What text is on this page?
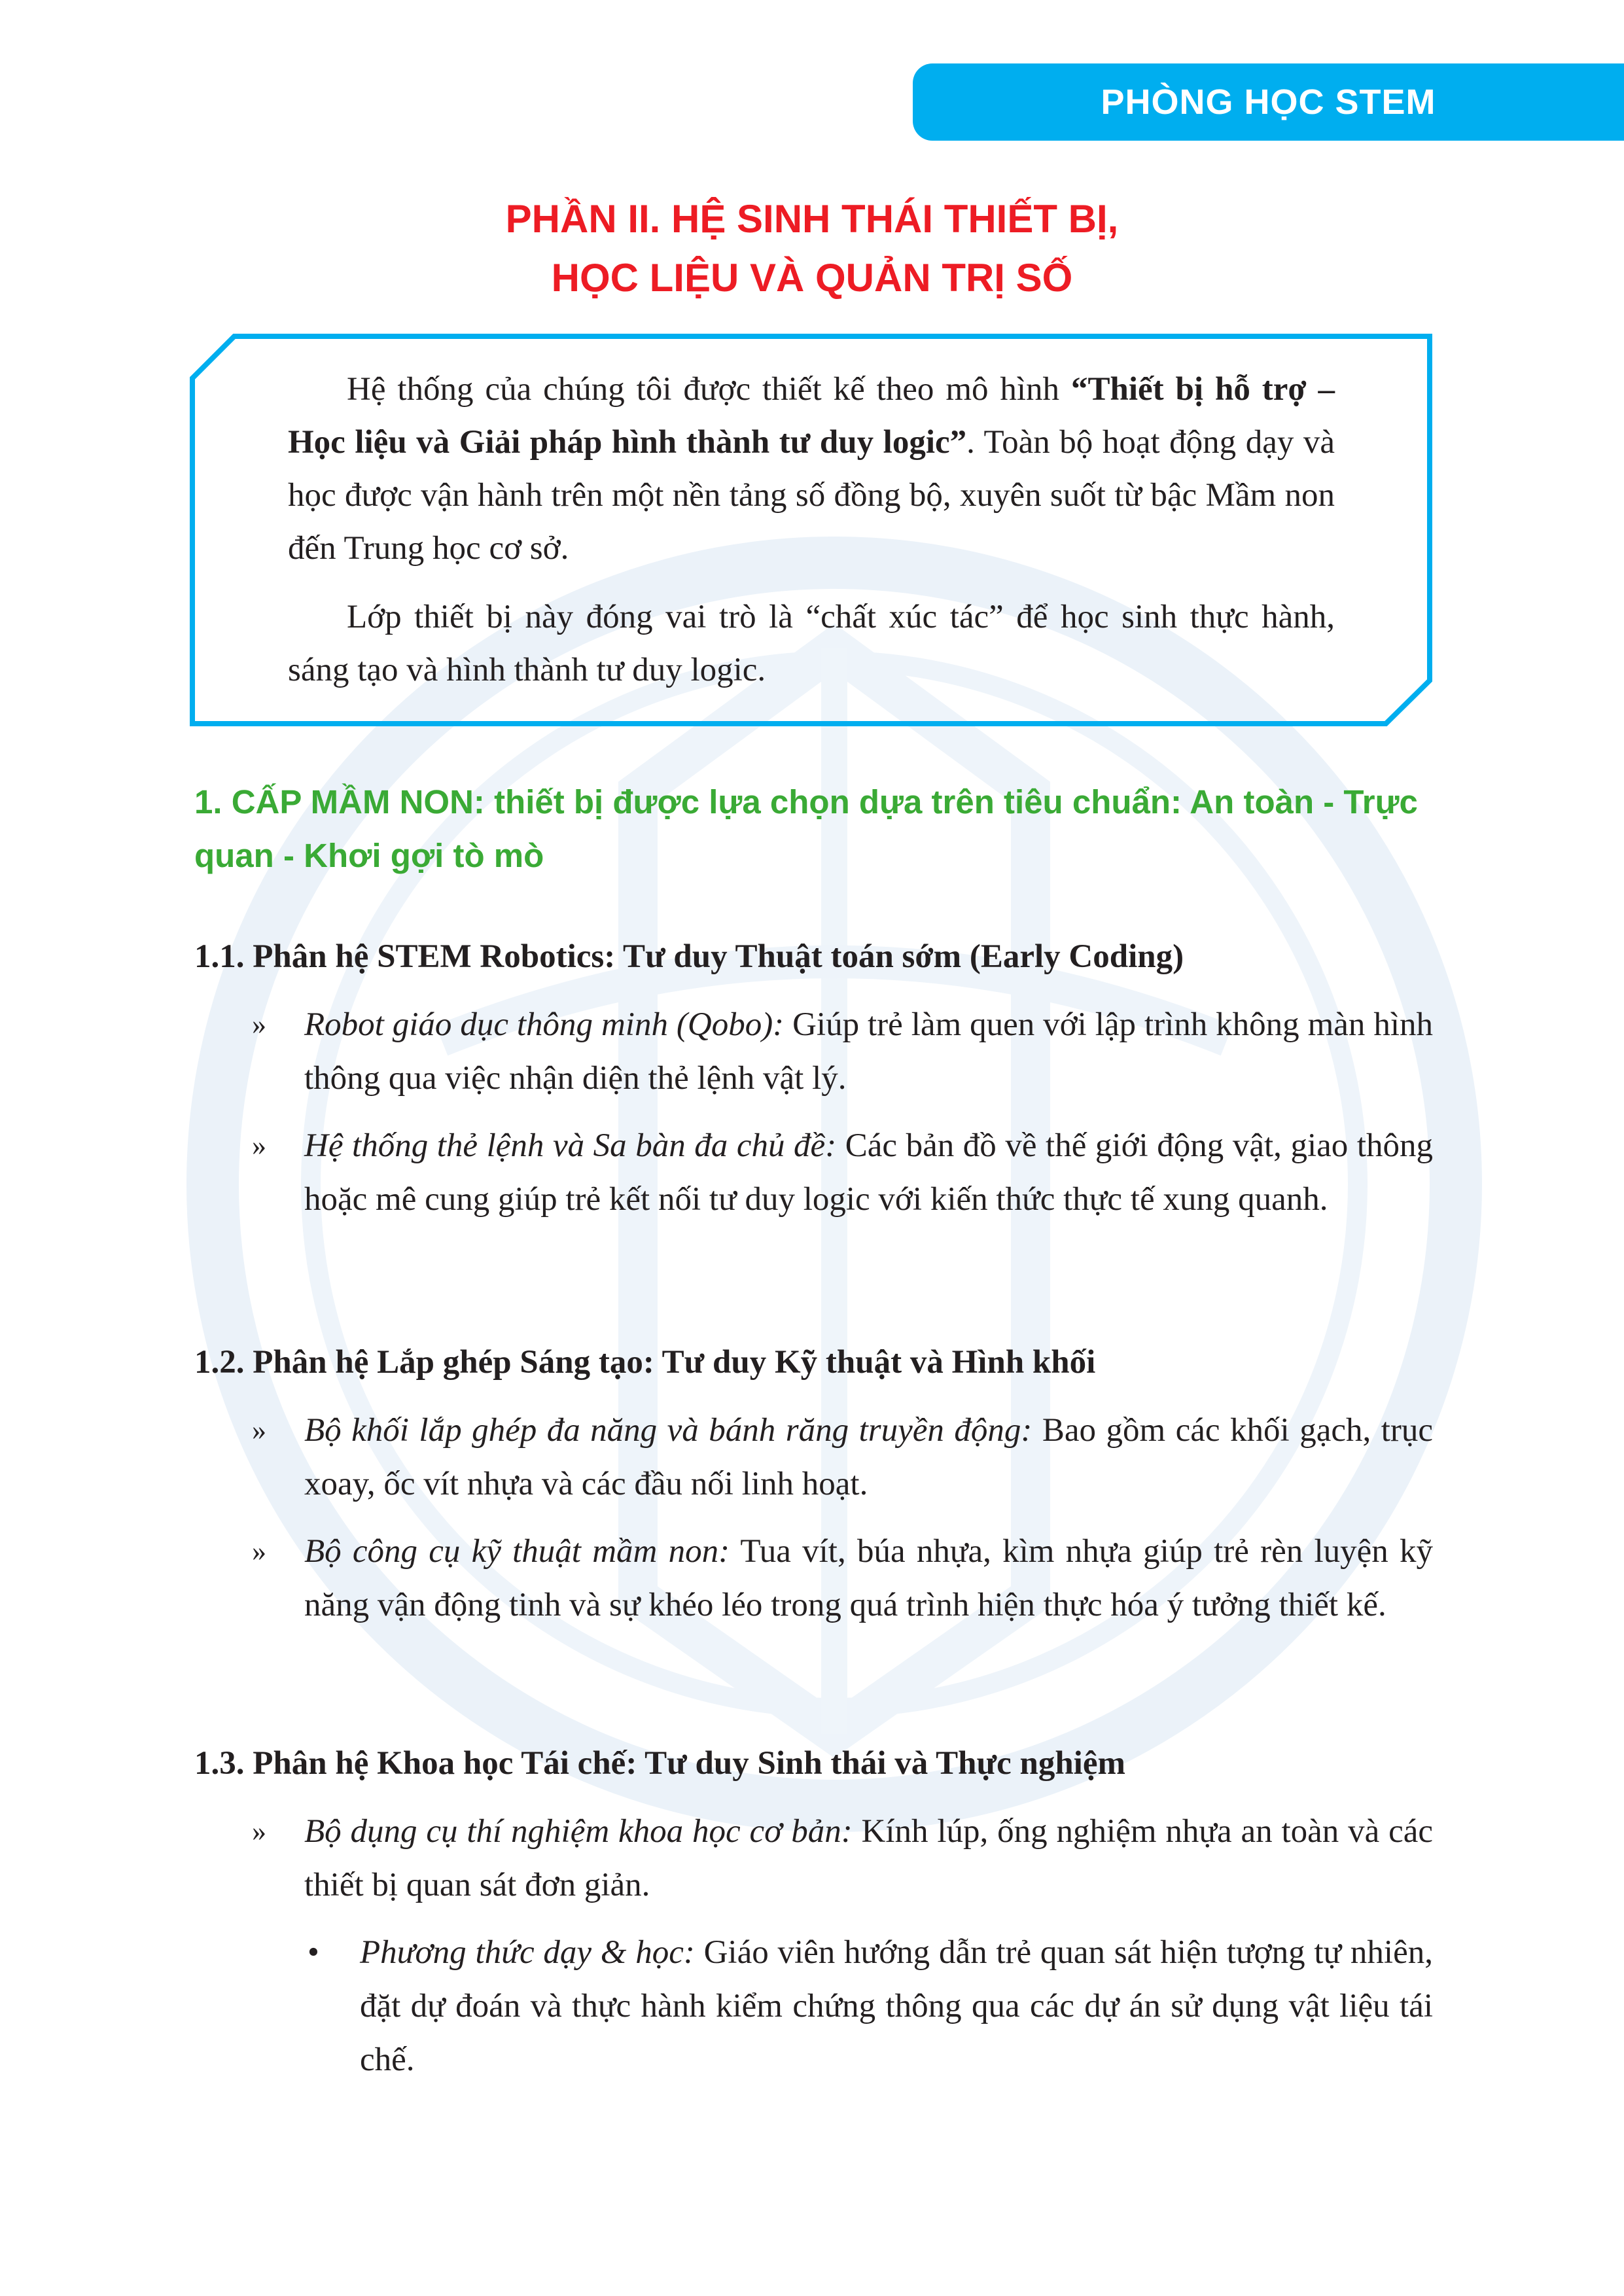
PHÒNG HỌC STEM
PHẦN II. HỆ SINH THÁI THIẾT BỊ,
HỌC LIỆU VÀ QUẢN TRỊ SỐ

Hệ thống của chúng tôi được thiết kế theo mô hình “Thiết bị hỗ trợ – Học liệu và Giải pháp hình thành tư duy logic”. Toàn bộ hoạt động dạy và học được vận hành trên một nền tảng số đồng bộ, xuyên suốt từ bậc Mầm non đến Trung học cơ sở.

Lớp thiết bị này đóng vai trò là “chất xúc tác” để học sinh thực hành, sáng tạo và hình thành tư duy logic.

1. CẤP MẦM NON: thiết bị được lựa chọn dựa trên tiêu chuẩn: An toàn - Trực quan - Khơi gợi tò mò
1.1. Phân hệ STEM Robotics: Tư duy Thuật toán sớm (Early Coding)
» Robot giáo dục thông minh (Qobo): Giúp trẻ làm quen với lập trình không màn hình thông qua việc nhận diện thẻ lệnh vật lý.
» Hệ thống thẻ lệnh và Sa bàn đa chủ đề: Các bản đồ về thế giới động vật, giao thông hoặc mê cung giúp trẻ kết nối tư duy logic với kiến thức thực tế xung quanh.
1.2. Phân hệ Lắp ghép Sáng tạo: Tư duy Kỹ thuật và Hình khối
» Bộ khối lắp ghép đa năng và bánh răng truyền động: Bao gồm các khối gạch, trục xoay, ốc vít nhựa và các đầu nối linh hoạt.
» Bộ công cụ kỹ thuật mầm non: Tua vít, búa nhựa, kìm nhựa giúp trẻ rèn luyện kỹ năng vận động tinh và sự khéo léo trong quá trình hiện thực hóa ý tưởng thiết kế.
1.3. Phân hệ Khoa học Tái chế: Tư duy Sinh thái và Thực nghiệm
» Bộ dụng cụ thí nghiệm khoa học cơ bản: Kính lúp, ống nghiệm nhựa an toàn và các thiết bị quan sát đơn giản.
• Phương thức dạy & học: Giáo viên hướng dẫn trẻ quan sát hiện tượng tự nhiên, đặt dự đoán và thực hành kiểm chứng thông qua các dự án sử dụng vật liệu tái chế.
